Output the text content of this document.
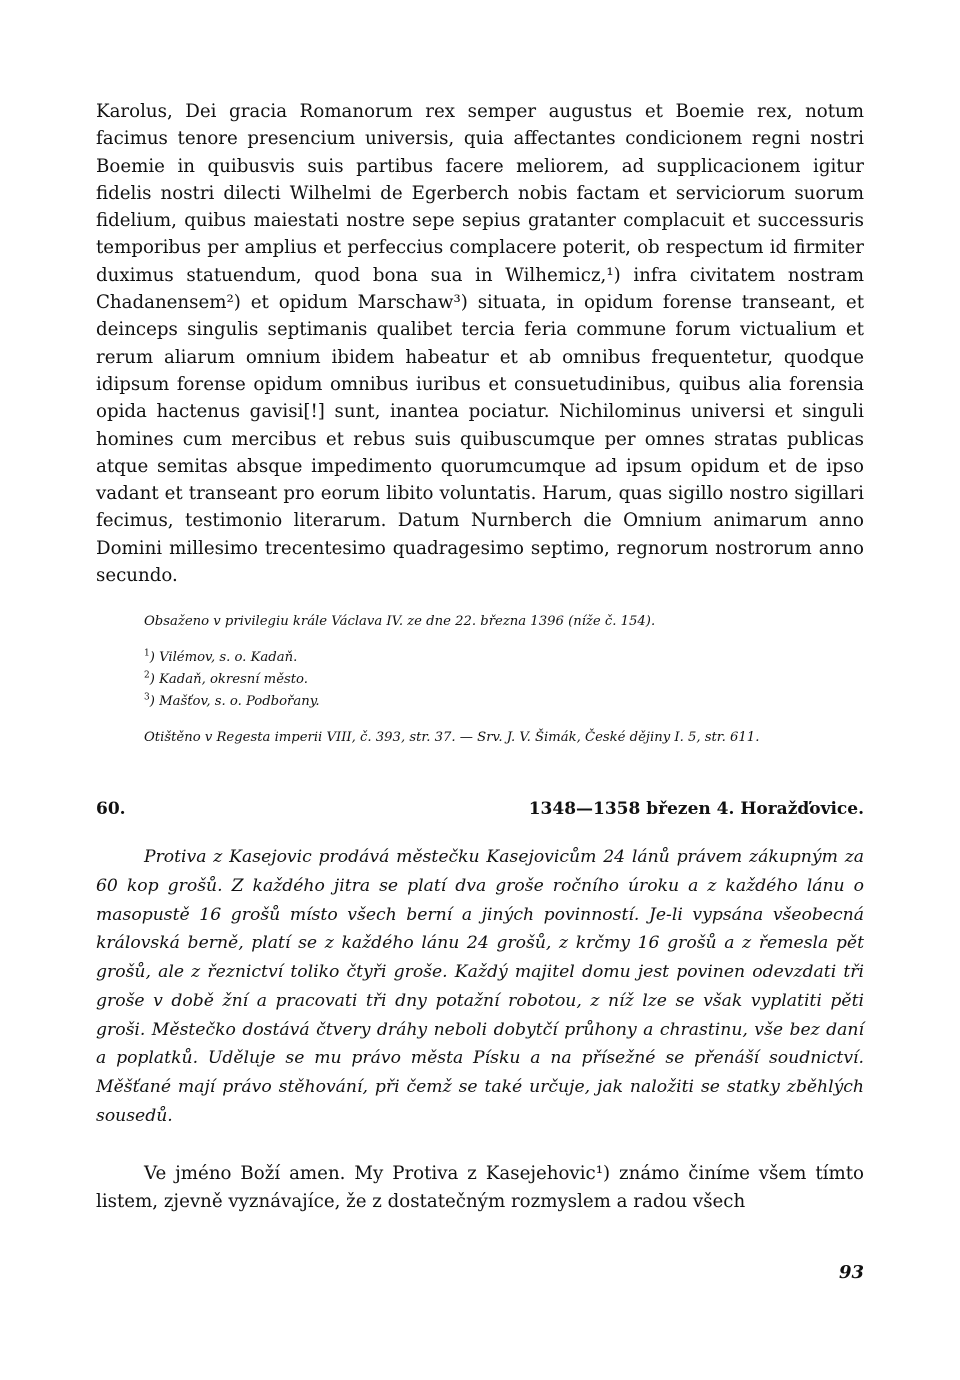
Karolus, Dei gracia Romanorum rex semper augustus et Boemie rex, notum facimus tenore presencium universis, quia affectantes condicionem regni nostri Boemie in quibusvis suis partibus facere meliorem, ad supplicacionem igitur fidelis nostri dilecti Wilhelmi de Egerberch nobis factam et serviciorum suorum fidelium, quibus maiestati nostre sepe sepius gratanter complacuit et successuris temporibus per amplius et perfeccius complacere poterit, ob respectum id firmiter duximus statuendum, quod bona sua in Wilhemicz,¹) infra civitatem nostram Chadanensem²) et opidum Marschaw³) situata, in opidum forense transeant, et deinceps singulis septimanis qualibet tercia feria commune forum victualium et rerum aliarum omnium ibidem habeatur et ab omnibus frequentetur, quodque idipsum forense opidum omnibus iuribus et consuetudinibus, quibus alia forensia opida hactenus gavisi[!] sunt, inantea pociatur. Nichilominus universi et singuli homines cum mercibus et rebus suis quibuscumque per omnes stratas publicas atque semitas absque impedimento quorumcumque ad ipsum opidum et de ipso vadant et transeant pro eorum libito voluntatis. Harum, quas sigillo nostro sigillari fecimus, testimonio literarum. Datum Nurnberch die Omnium animarum anno Domini millesimo trecentesimo quadragesimo septimo, regnorum nostrorum anno secundo.

Obsaženo v privilegiu krále Václava IV. ze dne 22. března 1396 (níže č. 154).

$^1$) Vilémov, s. o. Kadaň.

$^2$) Kadaň, okresní město.

$^3$) Mašťov, s. o. Podbořany.

Otištěno v Regesta imperii VIII, č. 393, str. 37. — Srv. J. V. Šimák, České dějiny I. 5, str. 611.

60.	1348—1358 březen 4. Horažďovice.

Protiva z Kasejovic prodává městečku Kasejovicům 24 lánů právem zákupným za 60 kop grošů. Z každého jitra se platí dva groše ročního úroku a z každého lánu o masopustě 16 grošů místo všech berní a jiných povinností. Je-li vypsána všeobecná královská berně, platí se z každého lánu 24 grošů, z krčmy 16 grošů a z řemesla pět grošů, ale z řeznictví toliko čtyři groše. Každý majitel domu jest povinen odevzdati tři groše v době žní a pracovati tři dny potažní robotou, z níž lze se však vyplatiti pěti groši. Městečko dostává čtvery dráhy neboli dobytčí průhony a chrastinu, vše bez daní a poplatků. Uděluje se mu právo města Písku a na přísežné se přenáší soudnictví. Měšťané mají právo stěhování, při čemž se také určuje, jak naložiti se statky zběhlých sousedů.

Ve jméno Boží amen. My Protiva z Kasejehovic¹) známo činíme všem tímto listem, zjevně vyznávajíce, že z dostatečným rozmyslem a radou všech

93
